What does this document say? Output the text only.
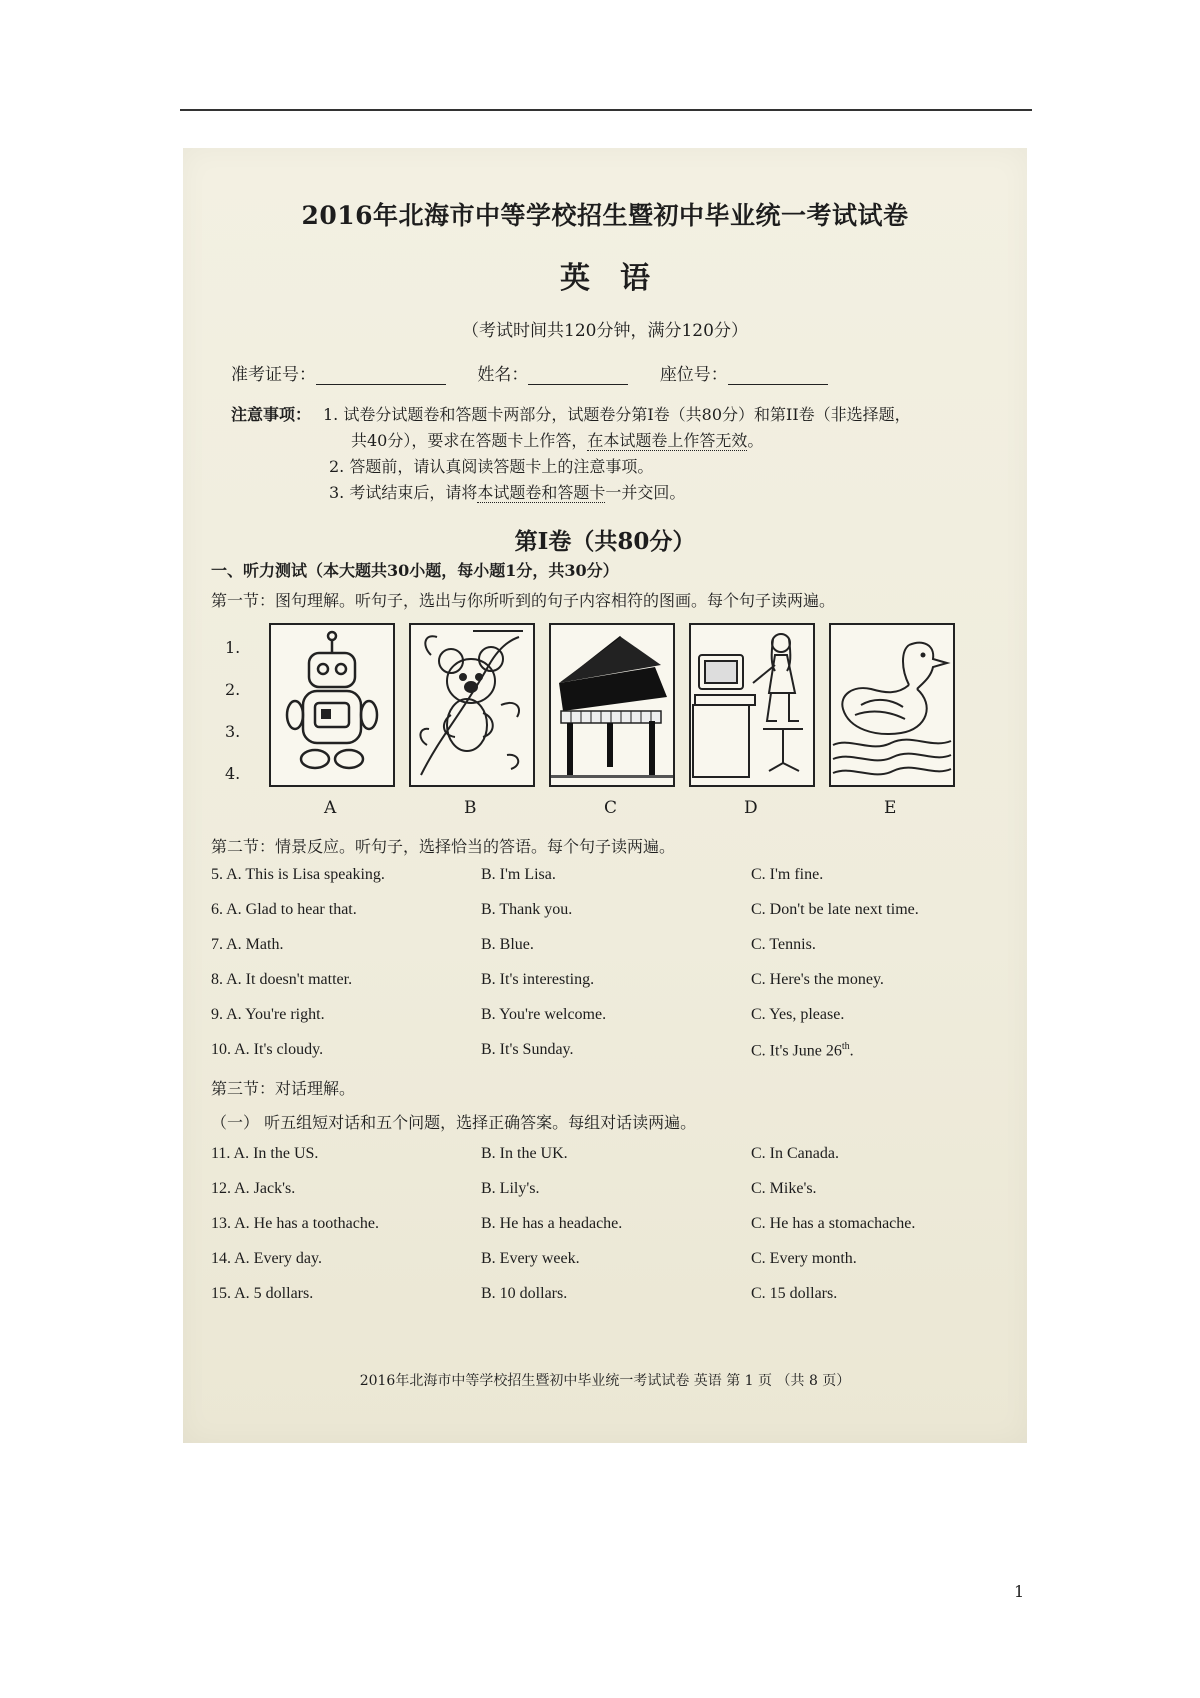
2016年北海市中等学校招生暨初中毕业统一考试试卷
英语
（考试时间共120分钟，满分120分）
准考证号：	姓名：	座位号：
注意事项： 1. 试卷分试题卷和答题卡两部分，试题卷分第I卷（共80分）和第II卷（非选择题，
共40分），要求在答题卡上作答，在本试题卷上作答无效。
2. 答题前，请认真阅读答题卡上的注意事项。
3. 考试结束后，请将本试题卷和答题卡一并交回。
第I卷（共80分）
一、听力测试（本大题共30小题，每小题1分，共30分）
第一节：图句理解。听句子，选出与你所听到的句子内容相符的图画。每个句子读两遍。
1.
2.
3.
4.
A	B	C	D	E
第二节：情景反应。听句子，选择恰当的答语。每个句子读两遍。
5. A. This is Lisa speaking.	B. I'm Lisa.	C. I'm fine.
6. A. Glad to hear that.	B. Thank you.	C. Don't be late next time.
7. A. Math.	B. Blue.	C. Tennis.
8. A. It doesn't matter.	B. It's interesting.	C. Here's the money.
9. A. You're right.	B. You're welcome.	C. Yes, please.
10. A. It's cloudy.	B. It's Sunday.	C. It's June 26th.
第三节：对话理解。
（一） 听五组短对话和五个问题，选择正确答案。每组对话读两遍。
11. A. In the US.	B. In the UK.	C. In Canada.
12. A. Jack's.	B. Lily's.	C. Mike's.
13. A. He has a toothache.	B. He has a headache.	C. He has a stomachache.
14. A. Every day.	B. Every week.	C. Every month.
15. A. 5 dollars.	B. 10 dollars.	C. 15 dollars.
2016年北海市中等学校招生暨初中毕业统一考试试卷 英语 第 1 页 （共 8 页）
1
